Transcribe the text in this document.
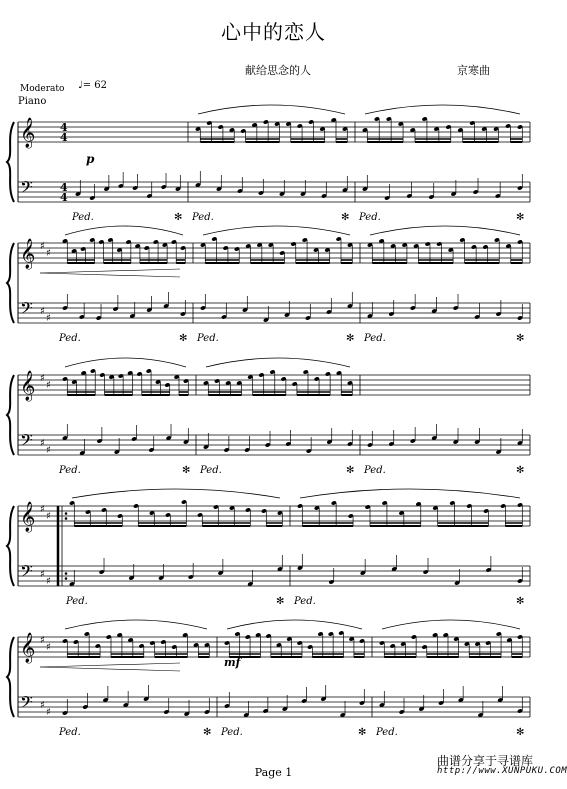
心中的恋人
献给思念的人	京寒曲
Moderato ♩= 62
Piano
p
mf
𝄞
𝄢
4
4
4
4
Ped.	✻ Ped.	✻ Ped.	✻
𝄞
𝄢
♯
♯
♯
♯
Ped.	✻ Ped.	✻ Ped.	✻
𝄞
𝄢
♯
♯
♯
♯
Ped.	✻ Ped.	✻ Ped.	✻
𝄞
𝄢
♯
♯
♯
♯
Ped.	✻ Ped.	✻
𝄞
𝄢
♯
♯
♯
♯
Ped.	✻ Ped.	✻ Ped.	✻
Page 1
曲谱分享于寻谱库
http://www.XUNPUKU.COM
